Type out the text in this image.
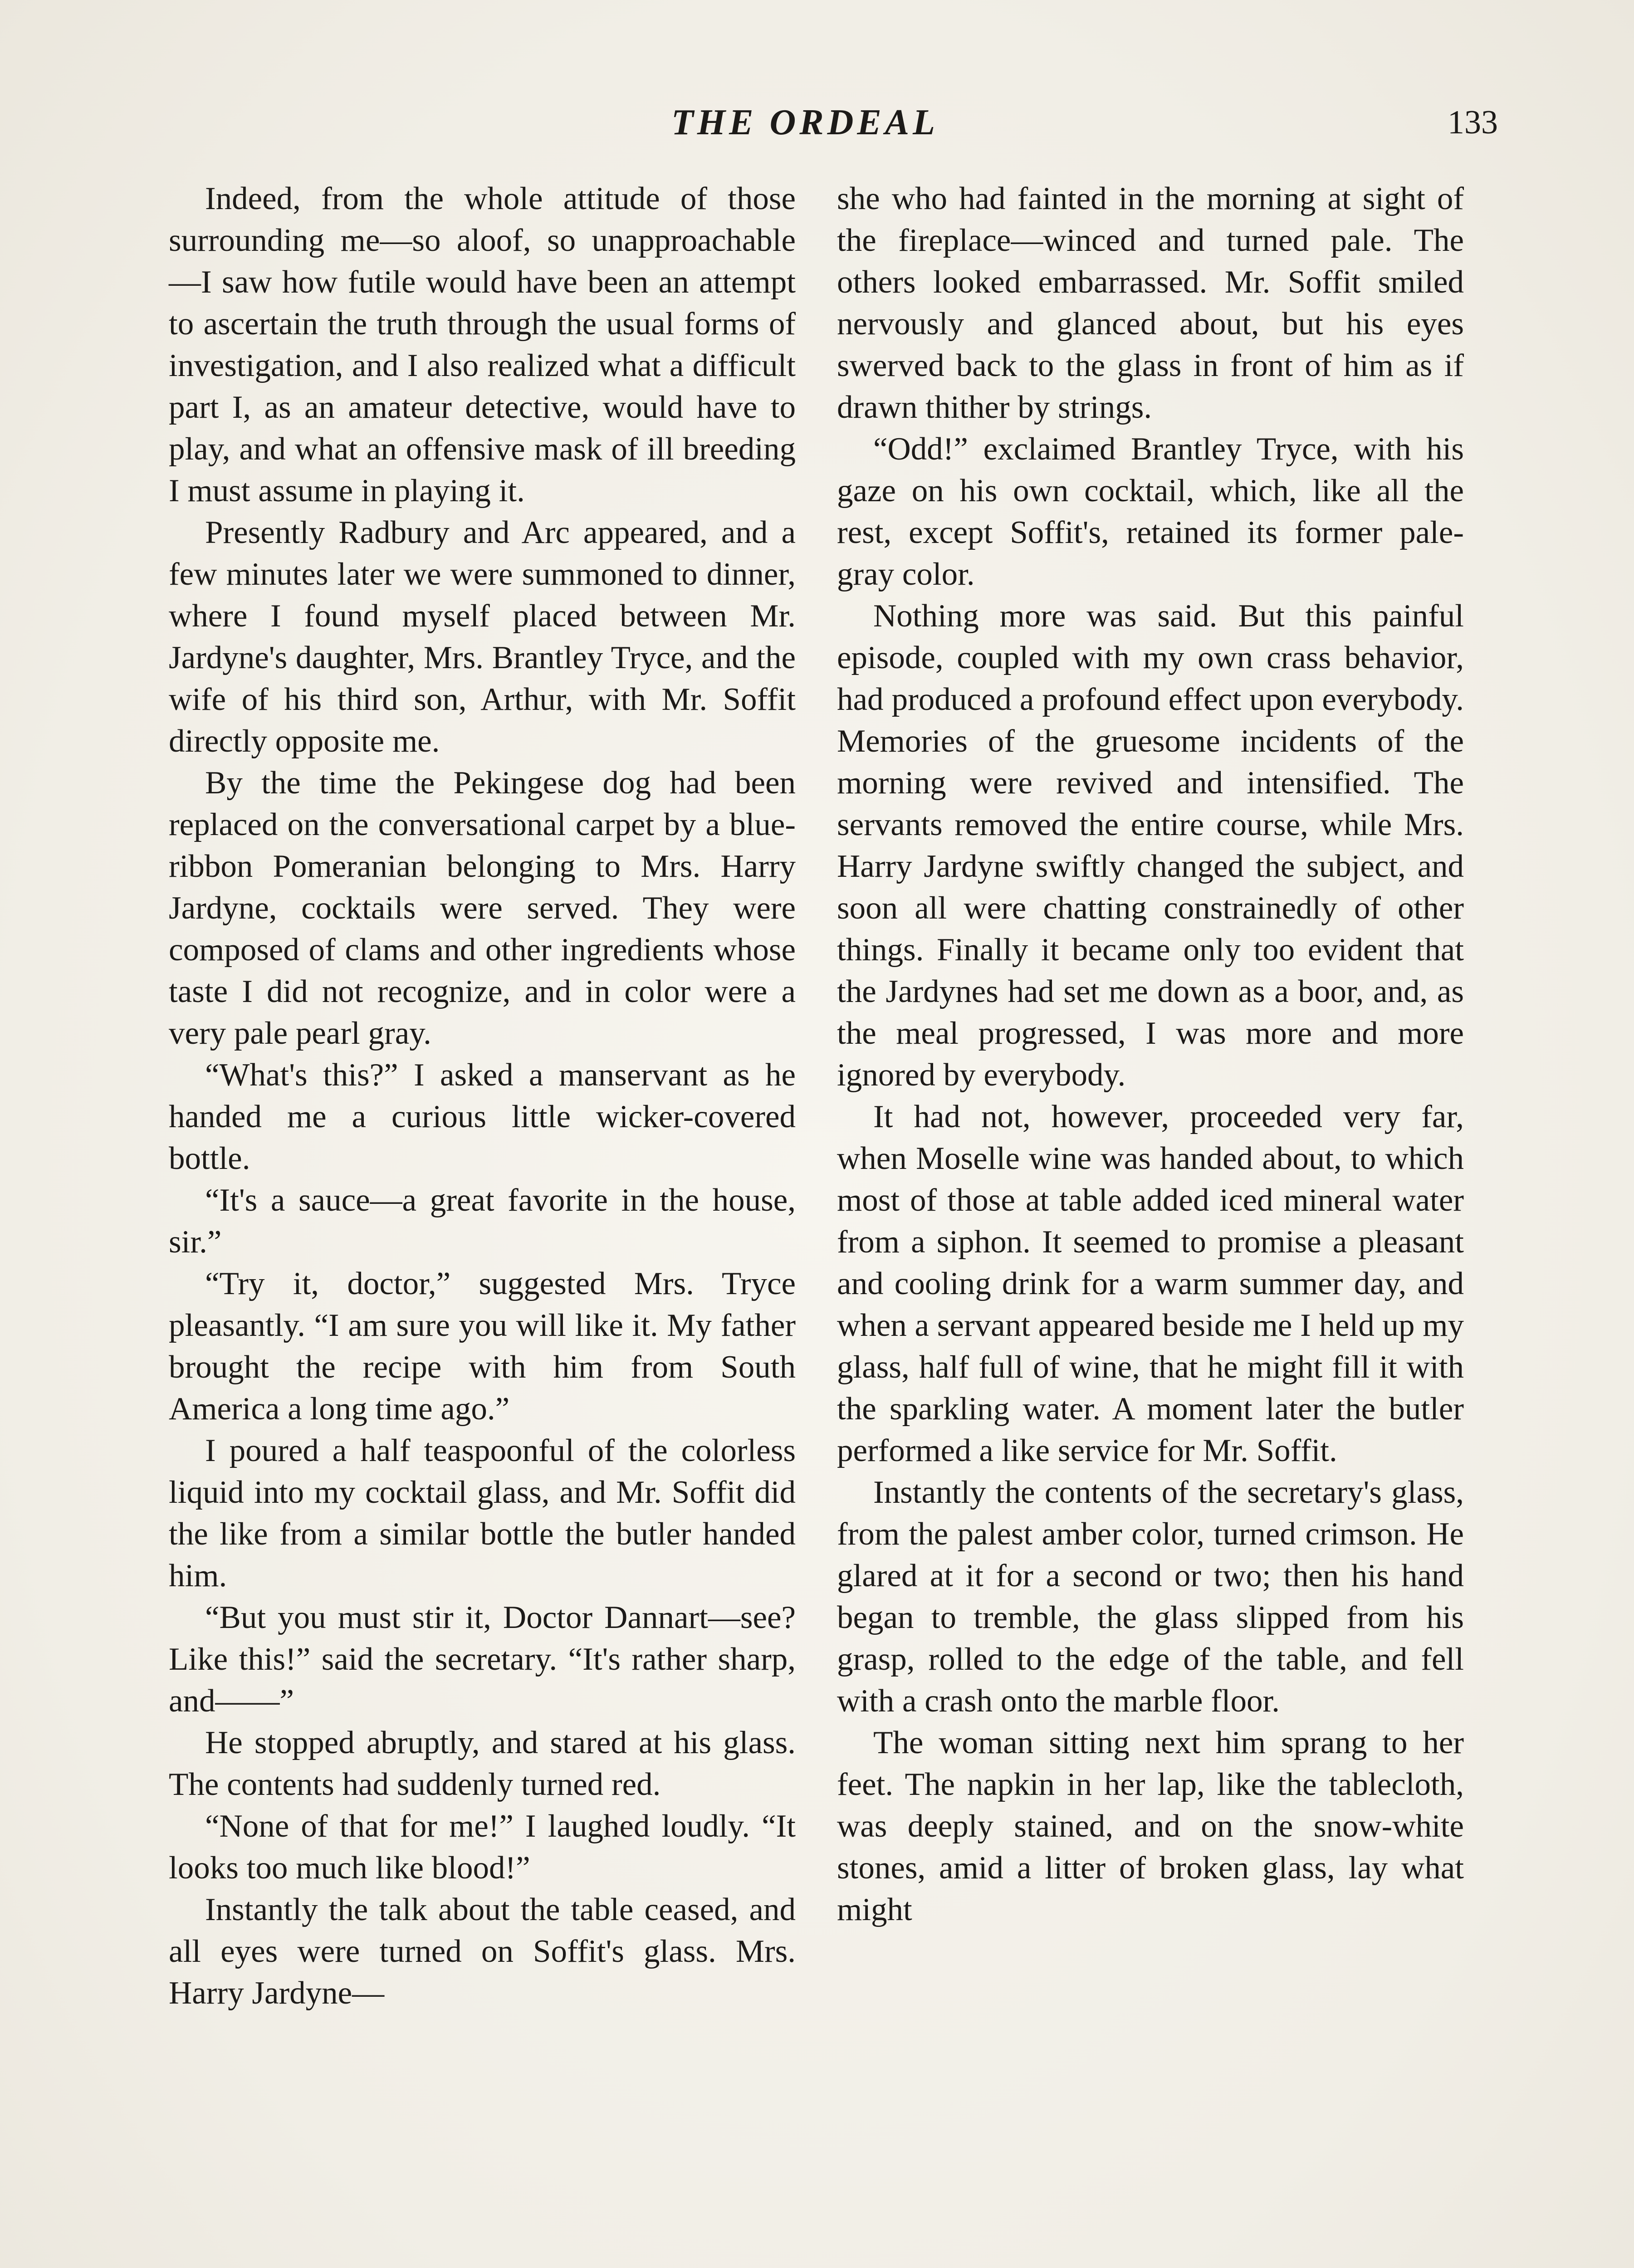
THE ORDEAL	133

Indeed, from the whole attitude of those surrounding me—so aloof, so unapproachable—I saw how futile would have been an attempt to ascertain the truth through the usual forms of investigation, and I also realized what a difficult part I, as an amateur detective, would have to play, and what an offensive mask of ill breeding I must assume in playing it.

Presently Radbury and Arc appeared, and a few minutes later we were summoned to dinner, where I found myself placed between Mr. Jardyne's daughter, Mrs. Brantley Tryce, and the wife of his third son, Arthur, with Mr. Soffit directly opposite me.

By the time the Pekingese dog had been replaced on the conversational carpet by a blue-ribbon Pomeranian belonging to Mrs. Harry Jardyne, cocktails were served. They were composed of clams and other ingredients whose taste I did not recognize, and in color were a very pale pearl gray.

“What's this?” I asked a manservant as he handed me a curious little wicker-covered bottle.

“It's a sauce—a great favorite in the house, sir.”

“Try it, doctor,” suggested Mrs. Tryce pleasantly. “I am sure you will like it. My father brought the recipe with him from South America a long time ago.”

I poured a half teaspoonful of the colorless liquid into my cocktail glass, and Mr. Soffit did the like from a similar bottle the butler handed him.

“But you must stir it, Doctor Dannart—see? Like this!” said the secretary. “It's rather sharp, and——”

He stopped abruptly, and stared at his glass. The contents had suddenly turned red.

“None of that for me!” I laughed loudly. “It looks too much like blood!”

Instantly the talk about the table ceased, and all eyes were turned on Soffit's glass. Mrs. Harry Jardyne—

she who had fainted in the morning at sight of the fireplace—winced and turned pale. The others looked embarrassed. Mr. Soffit smiled nervously and glanced about, but his eyes swerved back to the glass in front of him as if drawn thither by strings.

“Odd!” exclaimed Brantley Tryce, with his gaze on his own cocktail, which, like all the rest, except Soffit's, retained its former pale-gray color.

Nothing more was said. But this painful episode, coupled with my own crass behavior, had produced a profound effect upon everybody. Memories of the gruesome incidents of the morning were revived and intensified. The servants removed the entire course, while Mrs. Harry Jardyne swiftly changed the subject, and soon all were chatting constrainedly of other things. Finally it became only too evident that the Jardynes had set me down as a boor, and, as the meal progressed, I was more and more ignored by everybody.

It had not, however, proceeded very far, when Moselle wine was handed about, to which most of those at table added iced mineral water from a siphon. It seemed to promise a pleasant and cooling drink for a warm summer day, and when a servant appeared beside me I held up my glass, half full of wine, that he might fill it with the sparkling water. A moment later the butler performed a like service for Mr. Soffit.

Instantly the contents of the secretary's glass, from the palest amber color, turned crimson. He glared at it for a second or two; then his hand began to tremble, the glass slipped from his grasp, rolled to the edge of the table, and fell with a crash onto the marble floor.

The woman sitting next him sprang to her feet. The napkin in her lap, like the tablecloth, was deeply stained, and on the snow-white stones, amid a litter of broken glass, lay what might
